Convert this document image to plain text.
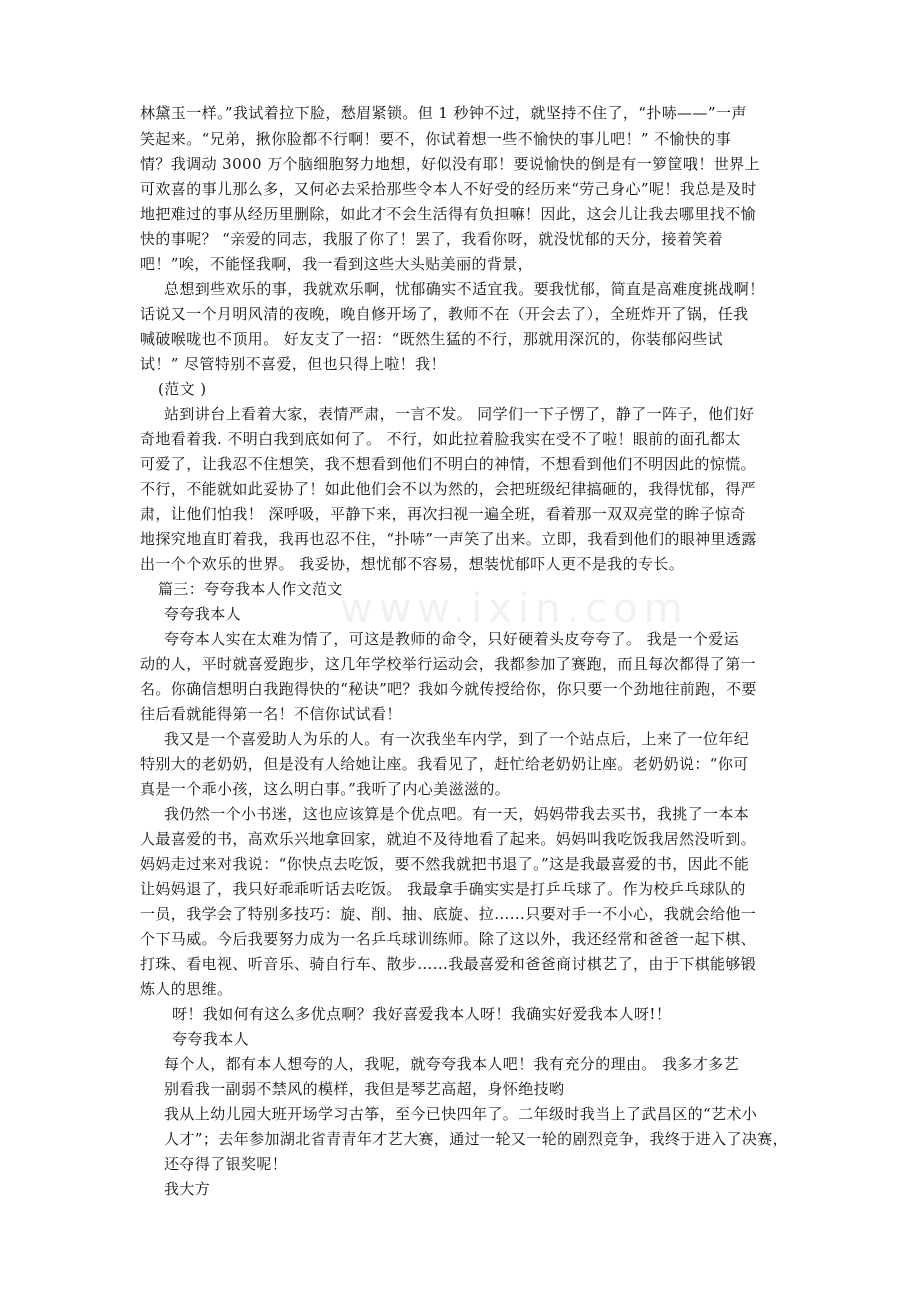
www.ixin.com
林黛玉一样。”我试着拉下脸，愁眉紧锁。但 1 秒钟不过，就坚持不住了，“扑哧——”一声
笑起来。“兄弟，揪你脸都不行啊！要不，你试着想一些不愉快的事儿吧！” 不愉快的事
情？我调动 3000 万个脑细胞努力地想，好似没有耶！要说愉快的倒是有一箩筐哦！世界上
可欢喜的事儿那么多，又何必去采拾那些令本人不好受的经历来“劳己身心”呢！我总是及时
地把难过的事从经历里删除，如此才不会生活得有负担嘛！因此，这会儿让我去哪里找不愉
快的事呢？ “亲爱的同志，我服了你了！罢了，我看你呀，就没忧郁的天分，接着笑着
吧！”唉，不能怪我啊，我一看到这些大头贴美丽的背景，
总想到些欢乐的事，我就欢乐啊，忧郁确实不适宜我。要我忧郁，简直是高难度挑战啊！
话说又一个月明风清的夜晚，晚自修开场了，教师不在（开会去了），全班炸开了锅，任我
喊破喉咙也不顶用。 好友支了一招：“既然生猛的不行，那就用深沉的，你装郁闷些试
试！” 尽管特别不喜爱，但也只得上啦！我！
(范文 )
站到讲台上看着大家，表情严肃，一言不发。 同学们一下子愣了，静了一阵子，他们好
奇地看着我. 不明白我到底如何了。 不行，如此拉着脸我实在受不了啦！眼前的面孔都太
可爱了，让我忍不住想笑，我不想看到他们不明白的神情，不想看到他们不明因此的惊慌。
不行，不能就如此妥协了！如此他们会不以为然的，会把班级纪律搞砸的，我得忧郁，得严
肃，让他们怕我！ 深呼吸，平静下来，再次扫视一遍全班，看着那一双双亮堂的眸子惊奇
地探究地直盯着我，我再也忍不住，“扑哧”一声笑了出来。立即，我看到他们的眼神里透露
出一个个欢乐的世界。 我妥协，想忧郁不容易，想装忧郁吓人更不是我的专长。
篇三：夸夸我本人作文范文
夸夸我本人
夸夸本人实在太难为情了，可这是教师的命令，只好硬着头皮夸夸了。 我是一个爱运
动的人，平时就喜爱跑步，这几年学校举行运动会，我都参加了赛跑，而且每次都得了第一
名。你确信想明白我跑得快的“秘诀”吧？我如今就传授给你，你只要一个劲地往前跑，不要
往后看就能得第一名！不信你试试看！
我又是一个喜爱助人为乐的人。有一次我坐车内学，到了一个站点后，上来了一位年纪
特别大的老奶奶，但是没有人给她让座。我看见了，赶忙给老奶奶让座。老奶奶说：“你可
真是一个乖小孩，这么明白事。”我听了内心美滋滋的。
我仍然一个小书迷，这也应该算是个优点吧。有一天，妈妈带我去买书，我挑了一本本
人最喜爱的书，高欢乐兴地拿回家，就迫不及待地看了起来。妈妈叫我吃饭我居然没听到。
妈妈走过来对我说：“你快点去吃饭，要不然我就把书退了。”这是我最喜爱的书，因此不能
让妈妈退了，我只好乖乖听话去吃饭。 我最拿手确实实是打乒乓球了。作为校乒乓球队的
一员，我学会了特别多技巧：旋、削、抽、底旋、拉......只要对手一不小心，我就会给他一
个下马威。今后我要努力成为一名乒乓球训练师。除了这以外，我还经常和爸爸一起下棋、
打珠、看电视、听音乐、骑自行车、散步......我最喜爱和爸爸商讨棋艺了，由于下棋能够锻
炼人的思维。
呀！我如何有这么多优点啊？我好喜爱我本人呀！我确实好爱我本人呀!！
夸夸我本人
每个人，都有本人想夸的人，我呢，就夸夸我本人吧！我有充分的理由。 我多才多艺
别看我一副弱不禁风的模样，我但是琴艺高超，身怀绝技哟
我从上幼儿园大班开场学习古筝，至今已快四年了。二年级时我当上了武昌区的“艺术小
人才”；去年参加湖北省青青年才艺大赛，通过一轮又一轮的剧烈竞争，我终于进入了决赛，
还夺得了银奖呢！
我大方
